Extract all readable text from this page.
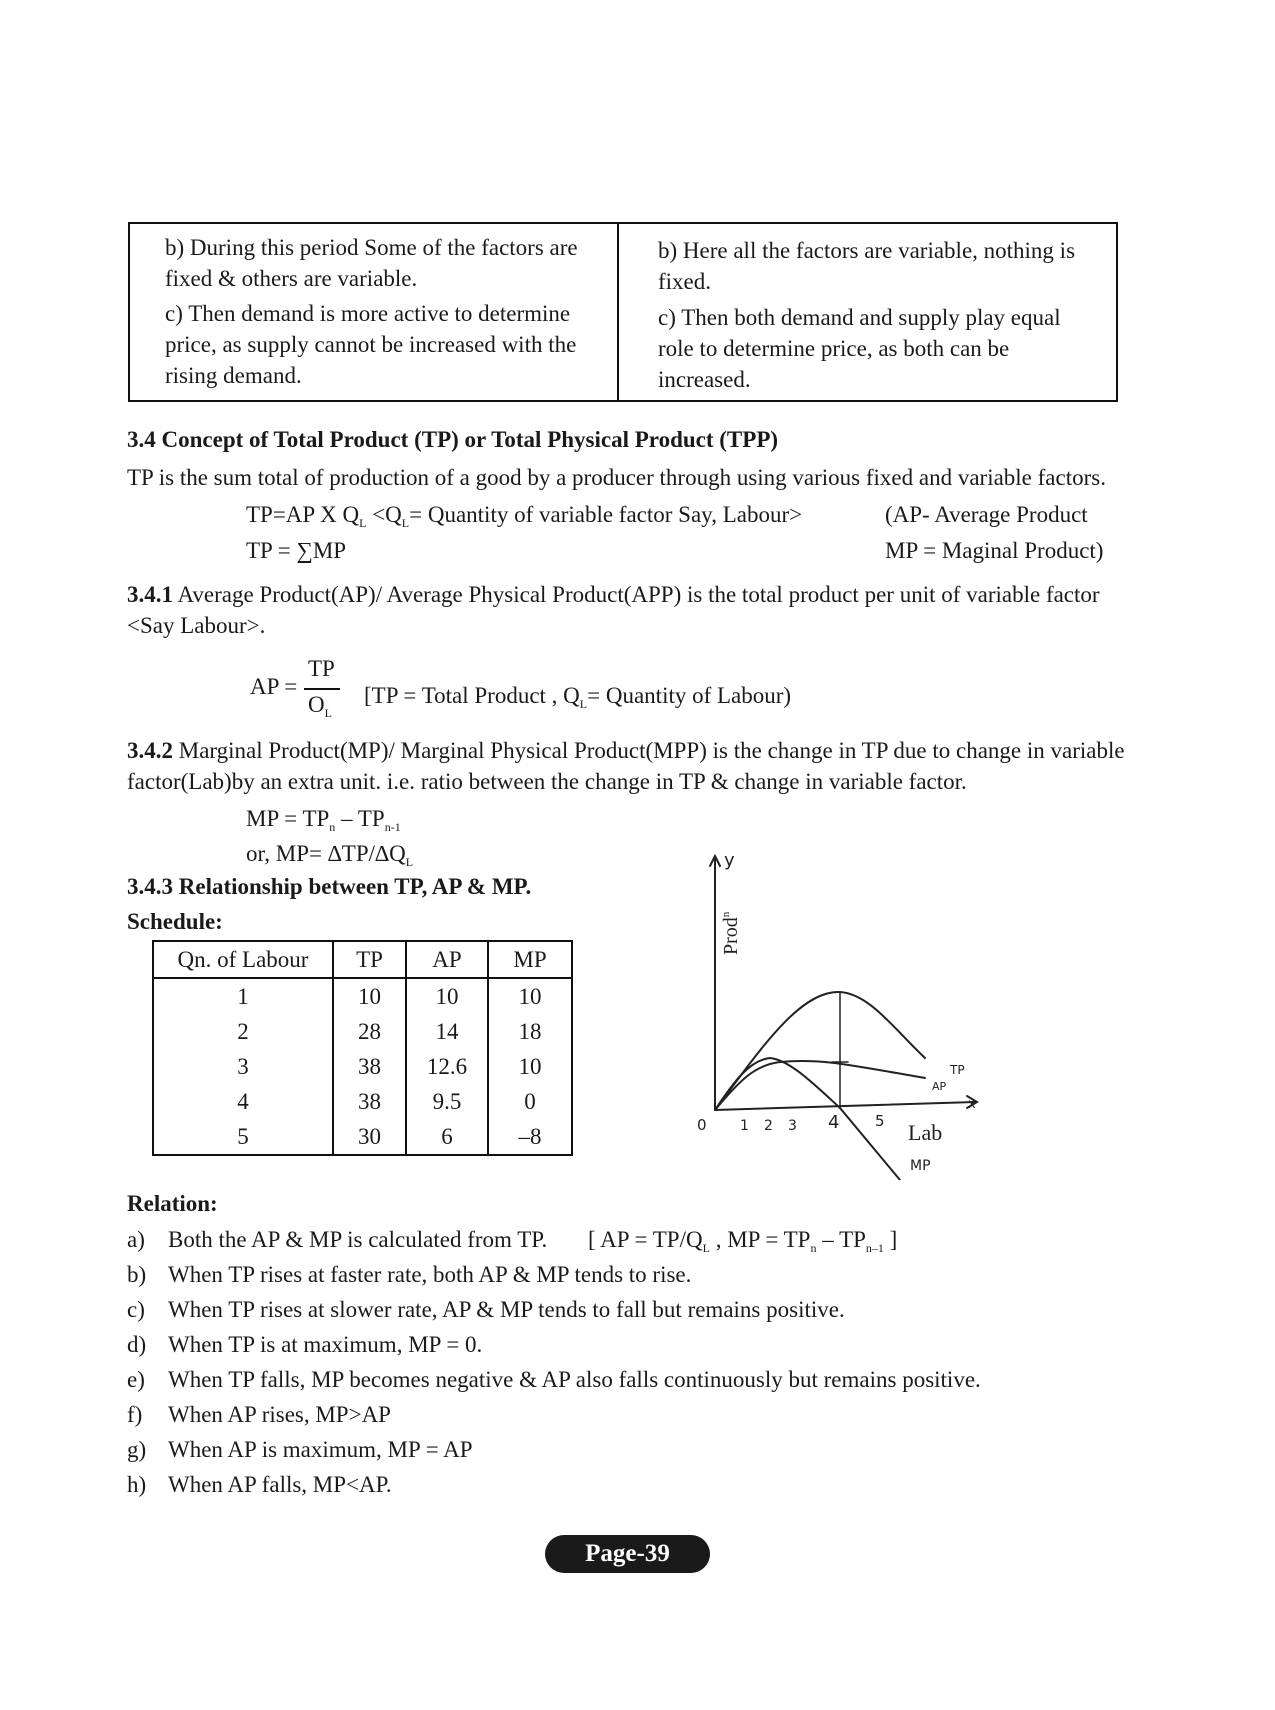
b) During this period Some of the factors are fixed & others are variable.
c) Then demand is more active to determine price, as supply cannot be increased with the rising demand.
b) Here all the factors are variable, nothing is fixed.
c) Then both demand and supply play equal role to determine price, as both can be increased.
3.4 Concept of Total Product (TP) or Total Physical Product (TPP)
TP is the sum total of production of a good by a producer through using various fixed and variable factors.
TP=AP X $Q_L <Q_L=$ Quantity of variable factor Say, Labour>	(AP- Average Product
TP = ∑MP	MP = Maginal Product)
3.4.1 Average Product(AP)/ Average Physical Product(APP) is the total product per unit of variable factor
<Say Labour>.
AP =
TP
$O_L$
[TP = Total Product , $Q_L=$ Quantity of Labour)
3.4.2 Marginal Product(MP)/ Marginal Physical Product(MPP) is the change in TP due to change in variable
factor(Lab)by an extra unit. i.e. ratio between the change in TP & change in variable factor.
MP = $TP_n - TP_{n-1}$
or, $MP= \Delta TP/\Delta Q_L$
3.4.3 Relationship between TP, AP & MP.
Schedule:
Qn. of Labour	TP	AP	MP
1	10	10	10
2	28	14	18
3	38	12.6	10
4	38	9.5	0
5	30	6	–8
y
Prod$^n$
0 1 2 3 4 5 Lab
TP
AP
MP
x
Relation:
a) Both the AP & MP is calculated from TP. [ AP = $TP/Q_L$ , MP = $TP_n - TP_{n-1}$ ]
b) When TP rises at faster rate, both AP & MP tends to rise.
c) When TP rises at slower rate, AP & MP tends to fall but remains positive.
d) When TP is at maximum, MP = 0.
e) When TP falls, MP becomes negative & AP also falls continuously but remains positive.
f) When AP rises, MP>AP
g) When AP is maximum, MP = AP
h) When AP falls, MP<AP.
Page-39
